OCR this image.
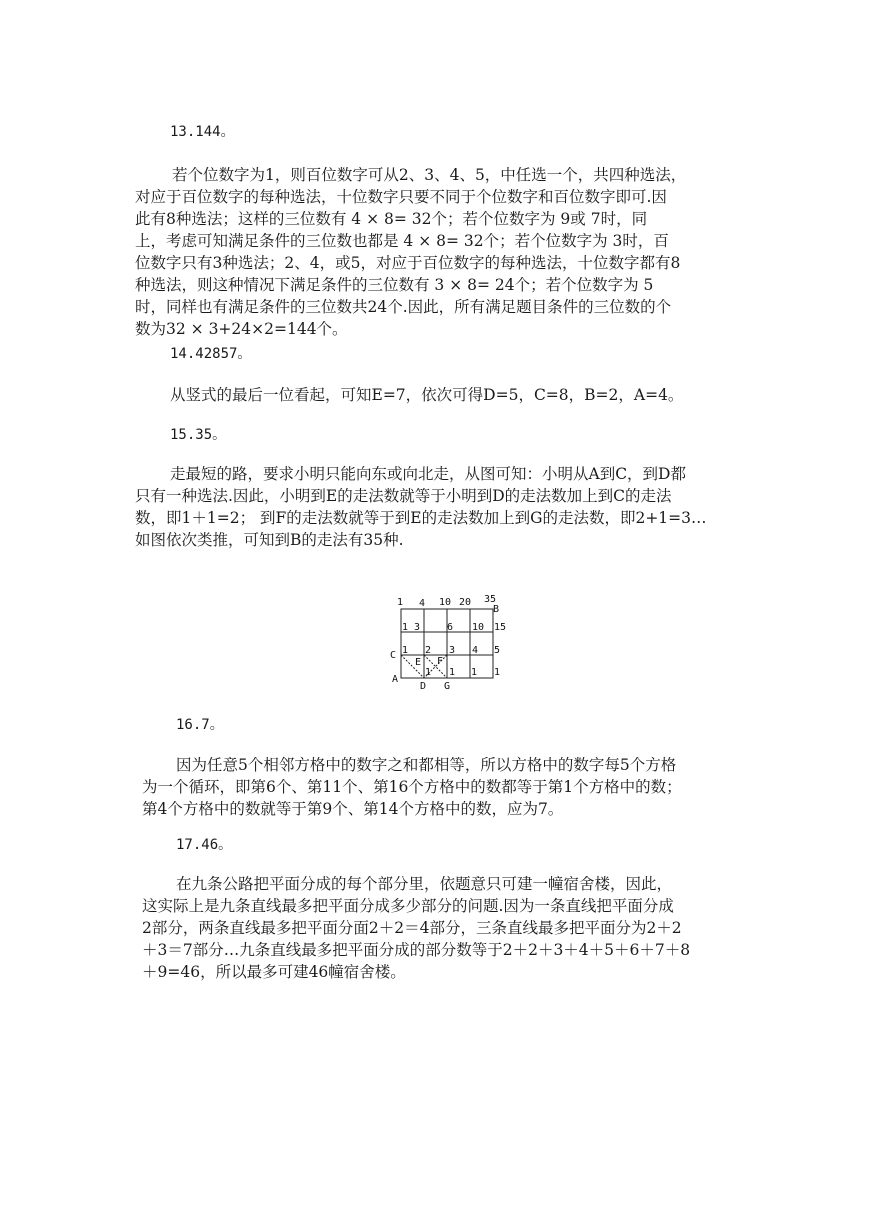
13.144。
若个位数字为1，则百位数字可从2、3、4、5，中任选一个，共四种选法，
对应于百位数字的每种选法，十位数字只要不同于个位数字和百位数字即可.因
此有8种选法；这样的三位数有 4 × 8= 32个；若个位数字为 9或 7时，同
上，考虑可知满足条件的三位数也都是 4 × 8= 32个；若个位数字为 3时，百
位数字只有3种选法；2、4，或5，对应于百位数字的每种选法，十位数字都有8
种选法，则这种情况下满足条件的三位数有 3 × 8= 24个；若个位数字为 5
时，同样也有满足条件的三位数共24个.因此，所有满足题目条件的三位数的个
数为32 × 3+24×2=144个。
14.42857。
从竖式的最后一位看起，可知E=7，依次可得D=5，C=8，B=2，A=4。
15.35。
走最短的路，要求小明只能向东或向北走，从图可知：小明从A到C，到D都
只有一种选法.因此，小明到E的走法数就等于小明到D的走法数加上到C的走法
数，即1＋1=2； 到F的走法数就等于到E的走法数加上到G的走法数，即2+1=3…
如图依次类推，可知到B的走法有35种.
1 4 10 20 35
B
1 3	6 10 15
1 2 3 4 5
1 1 1 1
C
A
E F
D G
16.7。
因为任意5个相邻方格中的数字之和都相等，所以方格中的数字每5个方格
为一个循环，即第6个、第11个、第16个方格中的数都等于第1个方格中的数；
第4个方格中的数就等于第9个、第14个方格中的数，应为7。
17.46。
在九条公路把平面分成的每个部分里，依题意只可建一幢宿舍楼，因此，
这实际上是九条直线最多把平面分成多少部分的问题.因为一条直线把平面分成
2部分，两条直线最多把平面分面2＋2＝4部分，三条直线最多把平面分为2＋2
＋3＝7部分…九条直线最多把平面分成的部分数等于2＋2＋3＋4＋5＋6＋7＋8
＋9=46，所以最多可建46幢宿舍楼。
